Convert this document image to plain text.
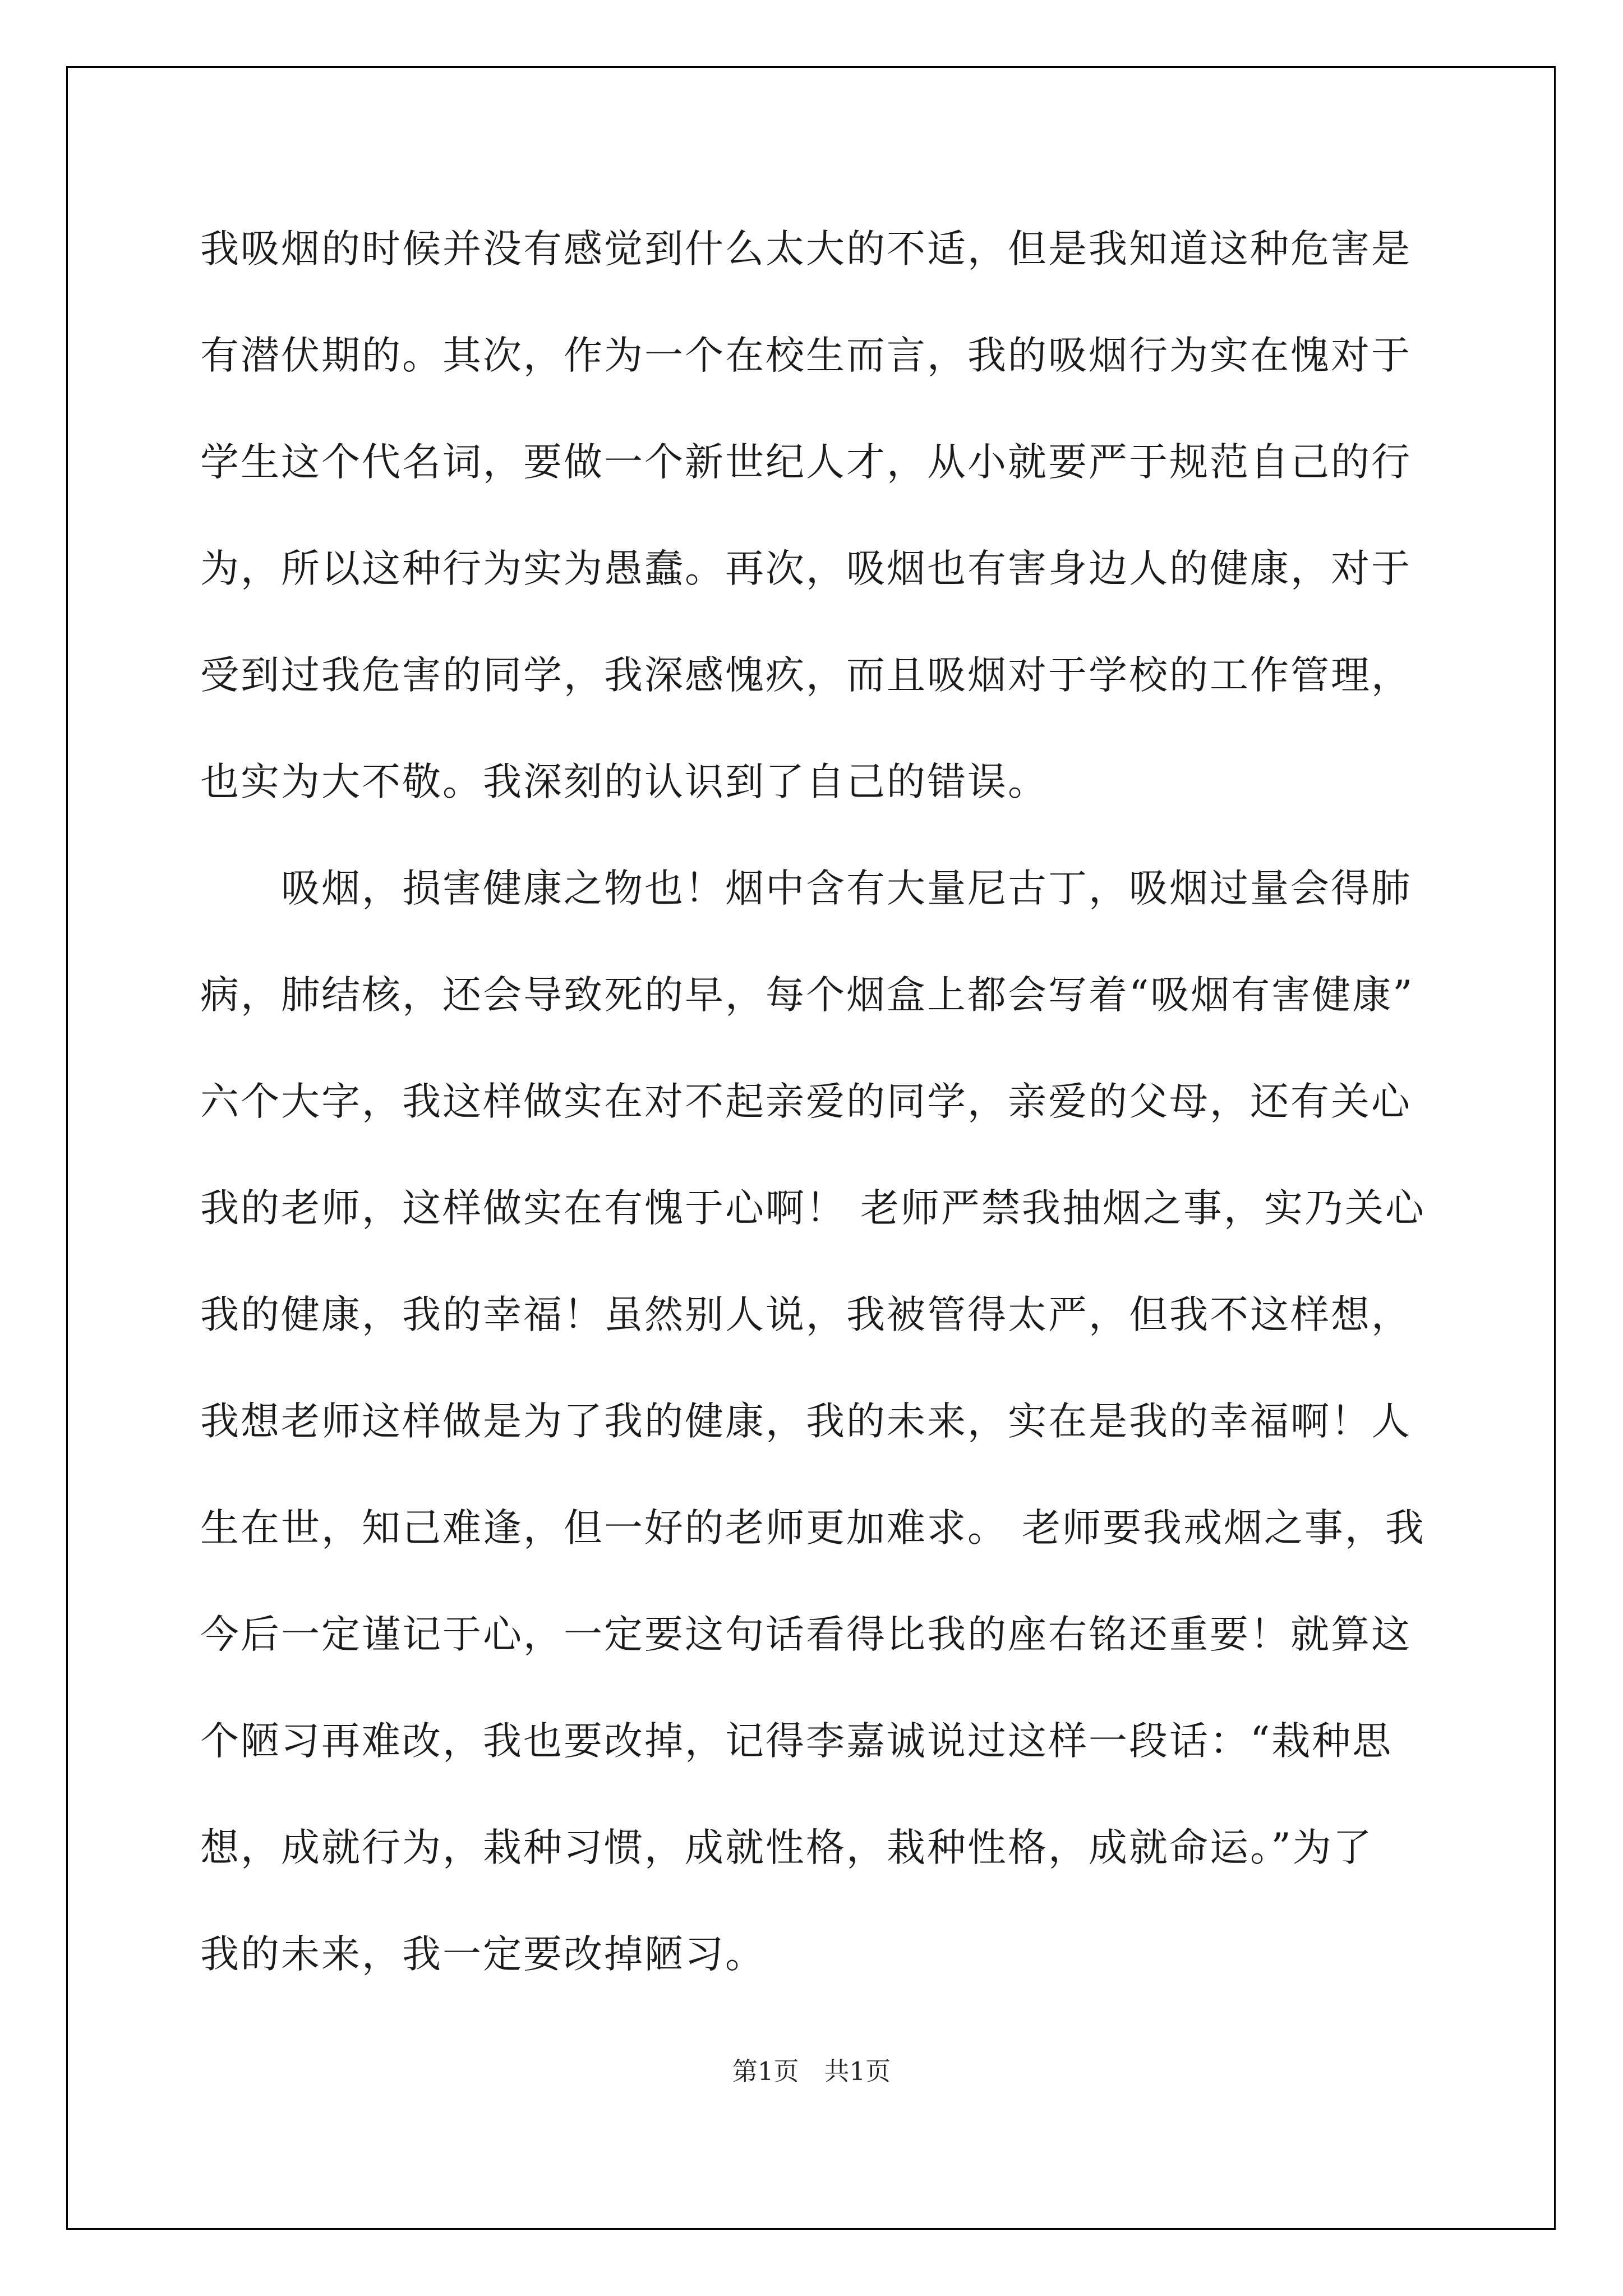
我吸烟的时候并没有感觉到什么太大的不适，但是我知道这种危害是
有潜伏期的。其次，作为一个在校生而言，我的吸烟行为实在愧对于
学生这个代名词，要做一个新世纪人才，从小就要严于规范自己的行
为，所以这种行为实为愚蠢。再次，吸烟也有害身边人的健康，对于
受到过我危害的同学，我深感愧疚，而且吸烟对于学校的工作管理，
也实为大不敬。我深刻的认识到了自己的错误。
　　吸烟，损害健康之物也！烟中含有大量尼古丁，吸烟过量会得肺
病，肺结核，还会导致死的早，每个烟盒上都会写着“吸烟有害健康”
六个大字，我这样做实在对不起亲爱的同学，亲爱的父母，还有关心
我的老师，这样做实在有愧于心啊！ 老师严禁我抽烟之事，实乃关心
我的健康，我的幸福！虽然别人说，我被管得太严，但我不这样想，
我想老师这样做是为了我的健康，我的未来，实在是我的幸福啊！人
生在世，知己难逢，但一好的老师更加难求。 老师要我戒烟之事，我
今后一定谨记于心，一定要这句话看得比我的座右铭还重要！就算这
个陋习再难改，我也要改掉，记得李嘉诚说过这样一段话：“栽种思
想，成就行为，栽种习惯，成就性格，栽种性格，成就命运。”为了
我的未来，我一定要改掉陋习。
第1页　共1页
